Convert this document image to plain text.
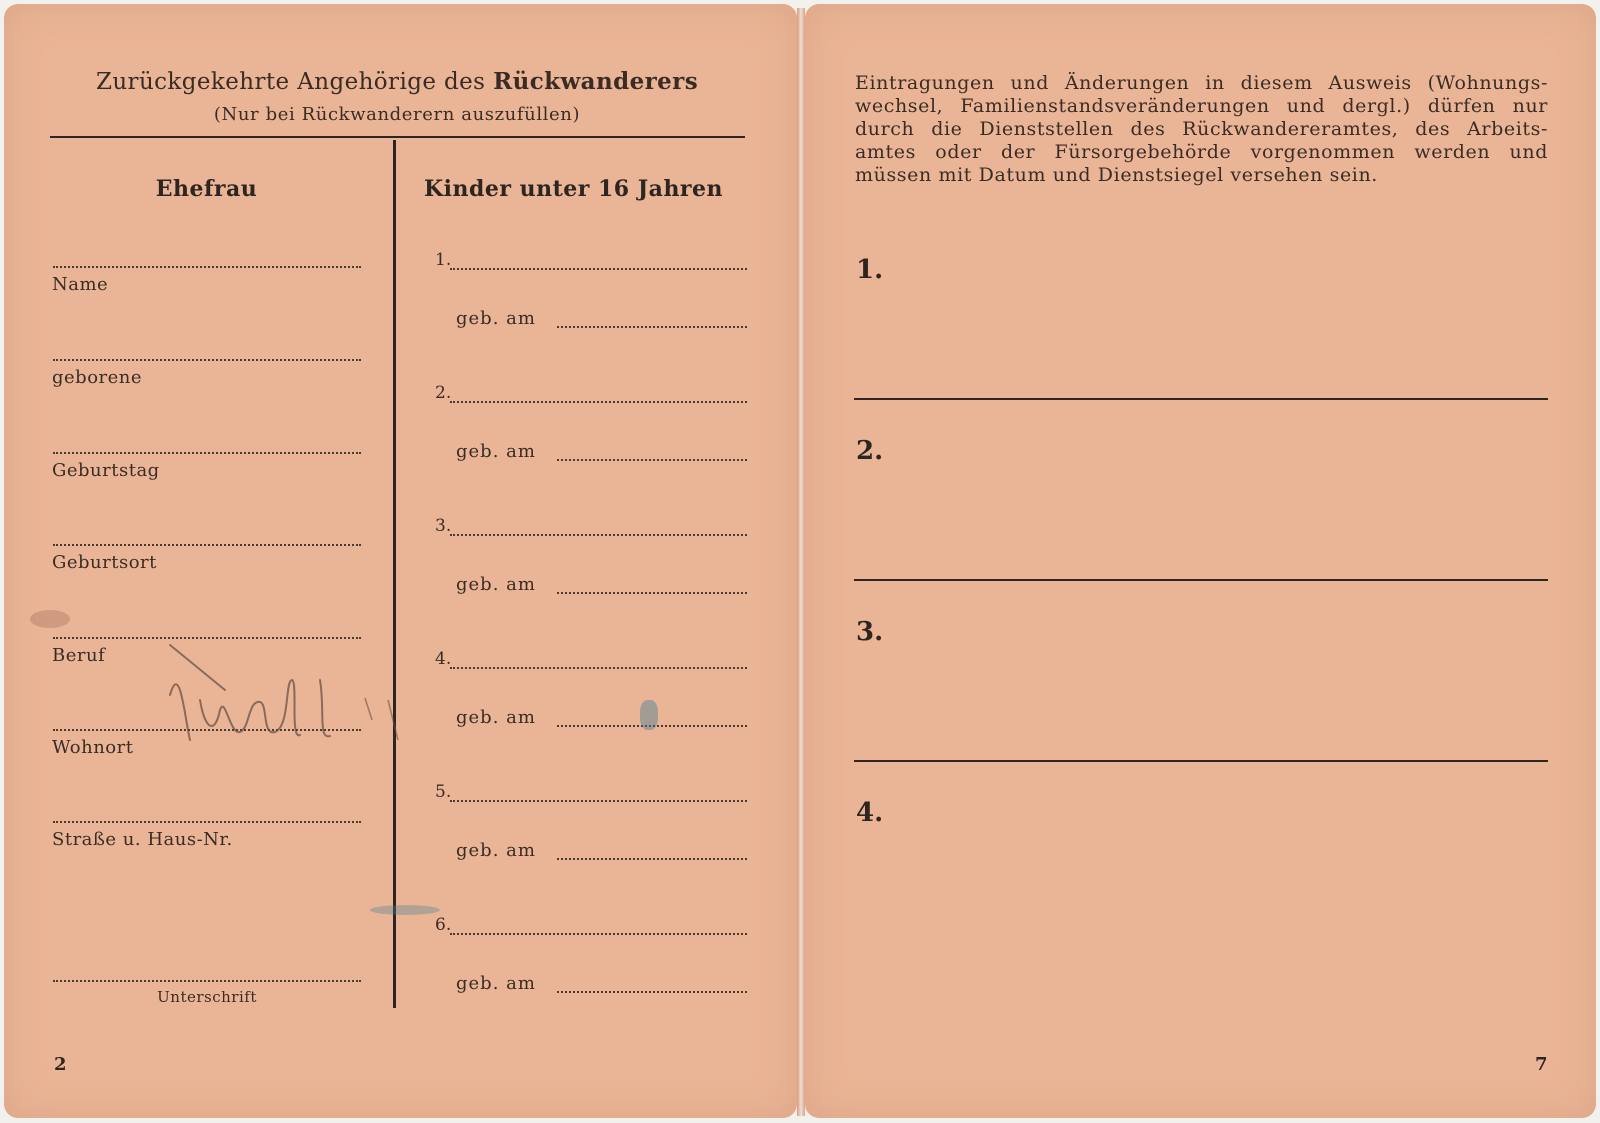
Zurückgekehrte Angehörige des Rückwanderers
(Nur bei Rückwanderern auszufüllen)
Ehefrau	Kinder unter 16 Jahren
Name
geborene
Geburtstag
Geburtsort
Beruf
Wohnort
Straße u. Haus-Nr.
Unterschrift
1.
geb. am
2.
geb. am
3.
geb. am
4.
geb. am
5.
geb. am
6.
geb. am
2
Eintragungen und Änderungen in diesem Ausweis (Wohnungs-
wechsel, Familienstandsveränderungen und dergl.) dürfen nur
durch die Dienststellen des Rückwandereramtes, des Arbeits-
amtes oder der Fürsorgebehörde vorgenommen werden und
müssen mit Datum und Dienstsiegel versehen sein.
1.
2.
3.
4.
7
